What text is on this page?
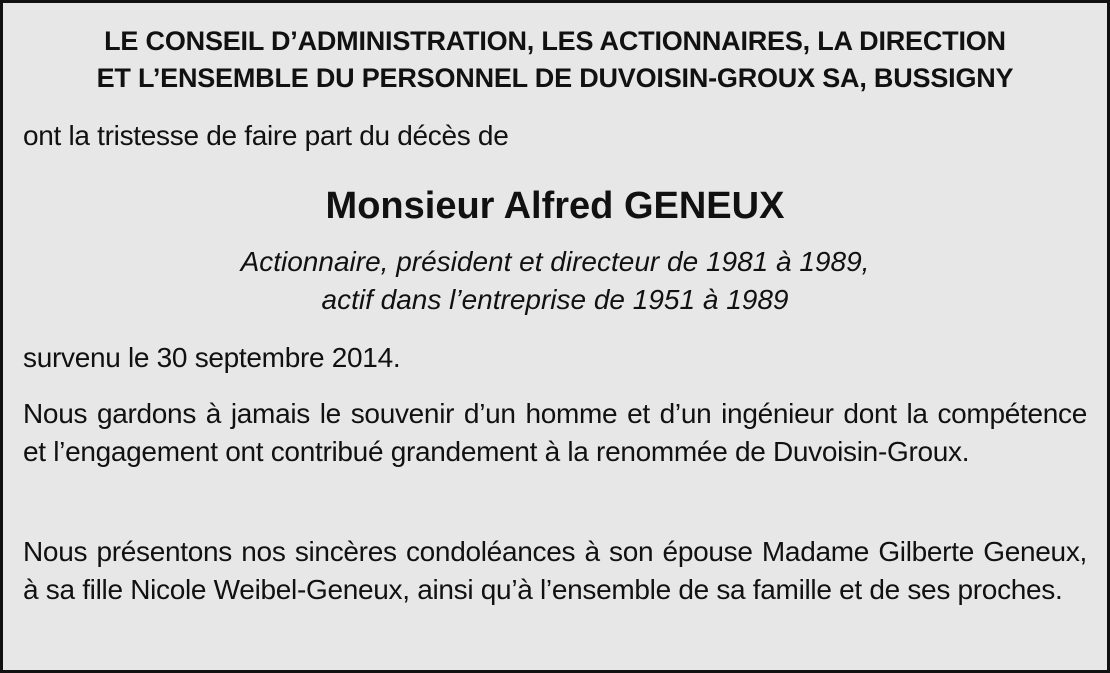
LE CONSEIL D’ADMINISTRATION, LES ACTIONNAIRES, LA DIRECTION
ET L’ENSEMBLE DU PERSONNEL DE DUVOISIN-GROUX SA, BUSSIGNY
ont la tristesse de faire part du décès de
Monsieur Alfred GENEUX
Actionnaire, président et directeur de 1981 à 1989,
actif dans l’entreprise de 1951 à 1989
survenu le 30 septembre 2014.
Nous gardons à jamais le souvenir d’un homme et d’un ingénieur dont la compétence et l’engagement ont contribué grandement à la renommée de Duvoisin-Groux.
Nous présentons nos sincères condoléances à son épouse Madame Gilberte Geneux, à sa fille Nicole Weibel-Geneux, ainsi qu’à l’ensemble de sa famille et de ses proches.
